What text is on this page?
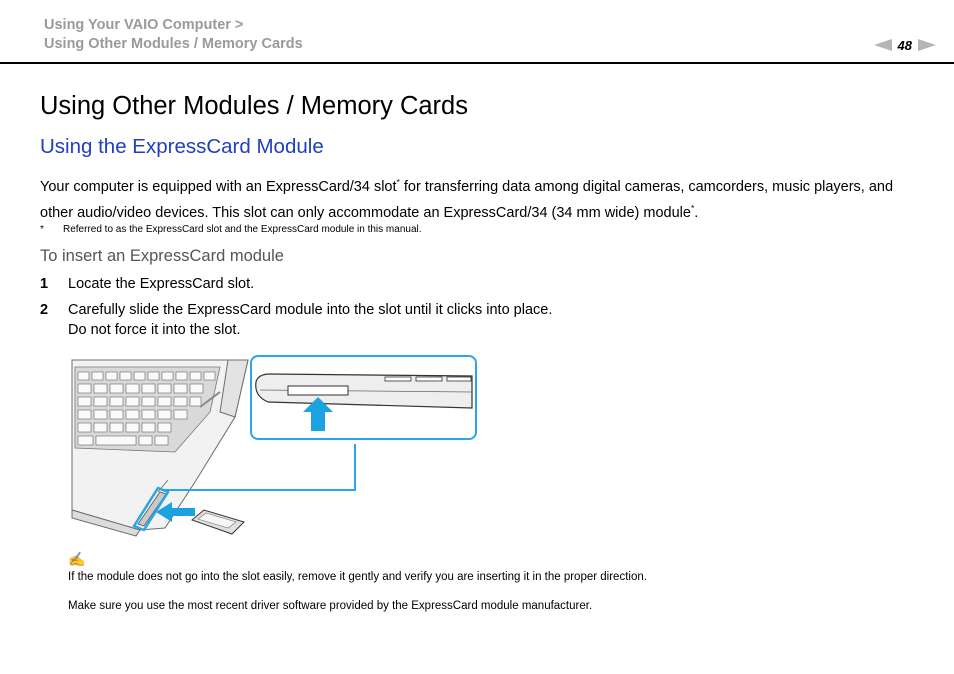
Using Your VAIO Computer >
Using Other Modules / Memory Cards	48
Using Other Modules / Memory Cards
Using the ExpressCard Module
Your computer is equipped with an ExpressCard/34 slot* for transferring data among digital cameras, camcorders, music players, and other audio/video devices. This slot can only accommodate an ExpressCard/34 (34 mm wide) module*.
* Referred to as the ExpressCard slot and the ExpressCard module in this manual.
To insert an ExpressCard module
1 Locate the ExpressCard slot.
2 Carefully slide the ExpressCard module into the slot until it clicks into place.
Do not force it into the slot.
✍
If the module does not go into the slot easily, remove it gently and verify you are inserting it in the proper direction.
Make sure you use the most recent driver software provided by the ExpressCard module manufacturer.
